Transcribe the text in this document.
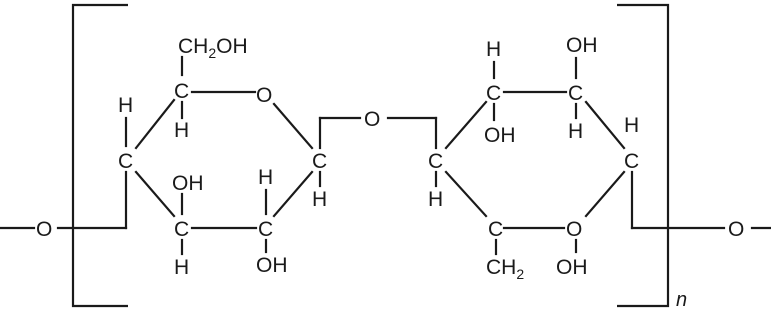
O
C
H
C
$CH_2OH$
H
O
C
H
H
C
OH
OH
C
H
O
C
H
H
C
OH
OH
C
H H
C
O
O
OH
C
$CH_2$
n
